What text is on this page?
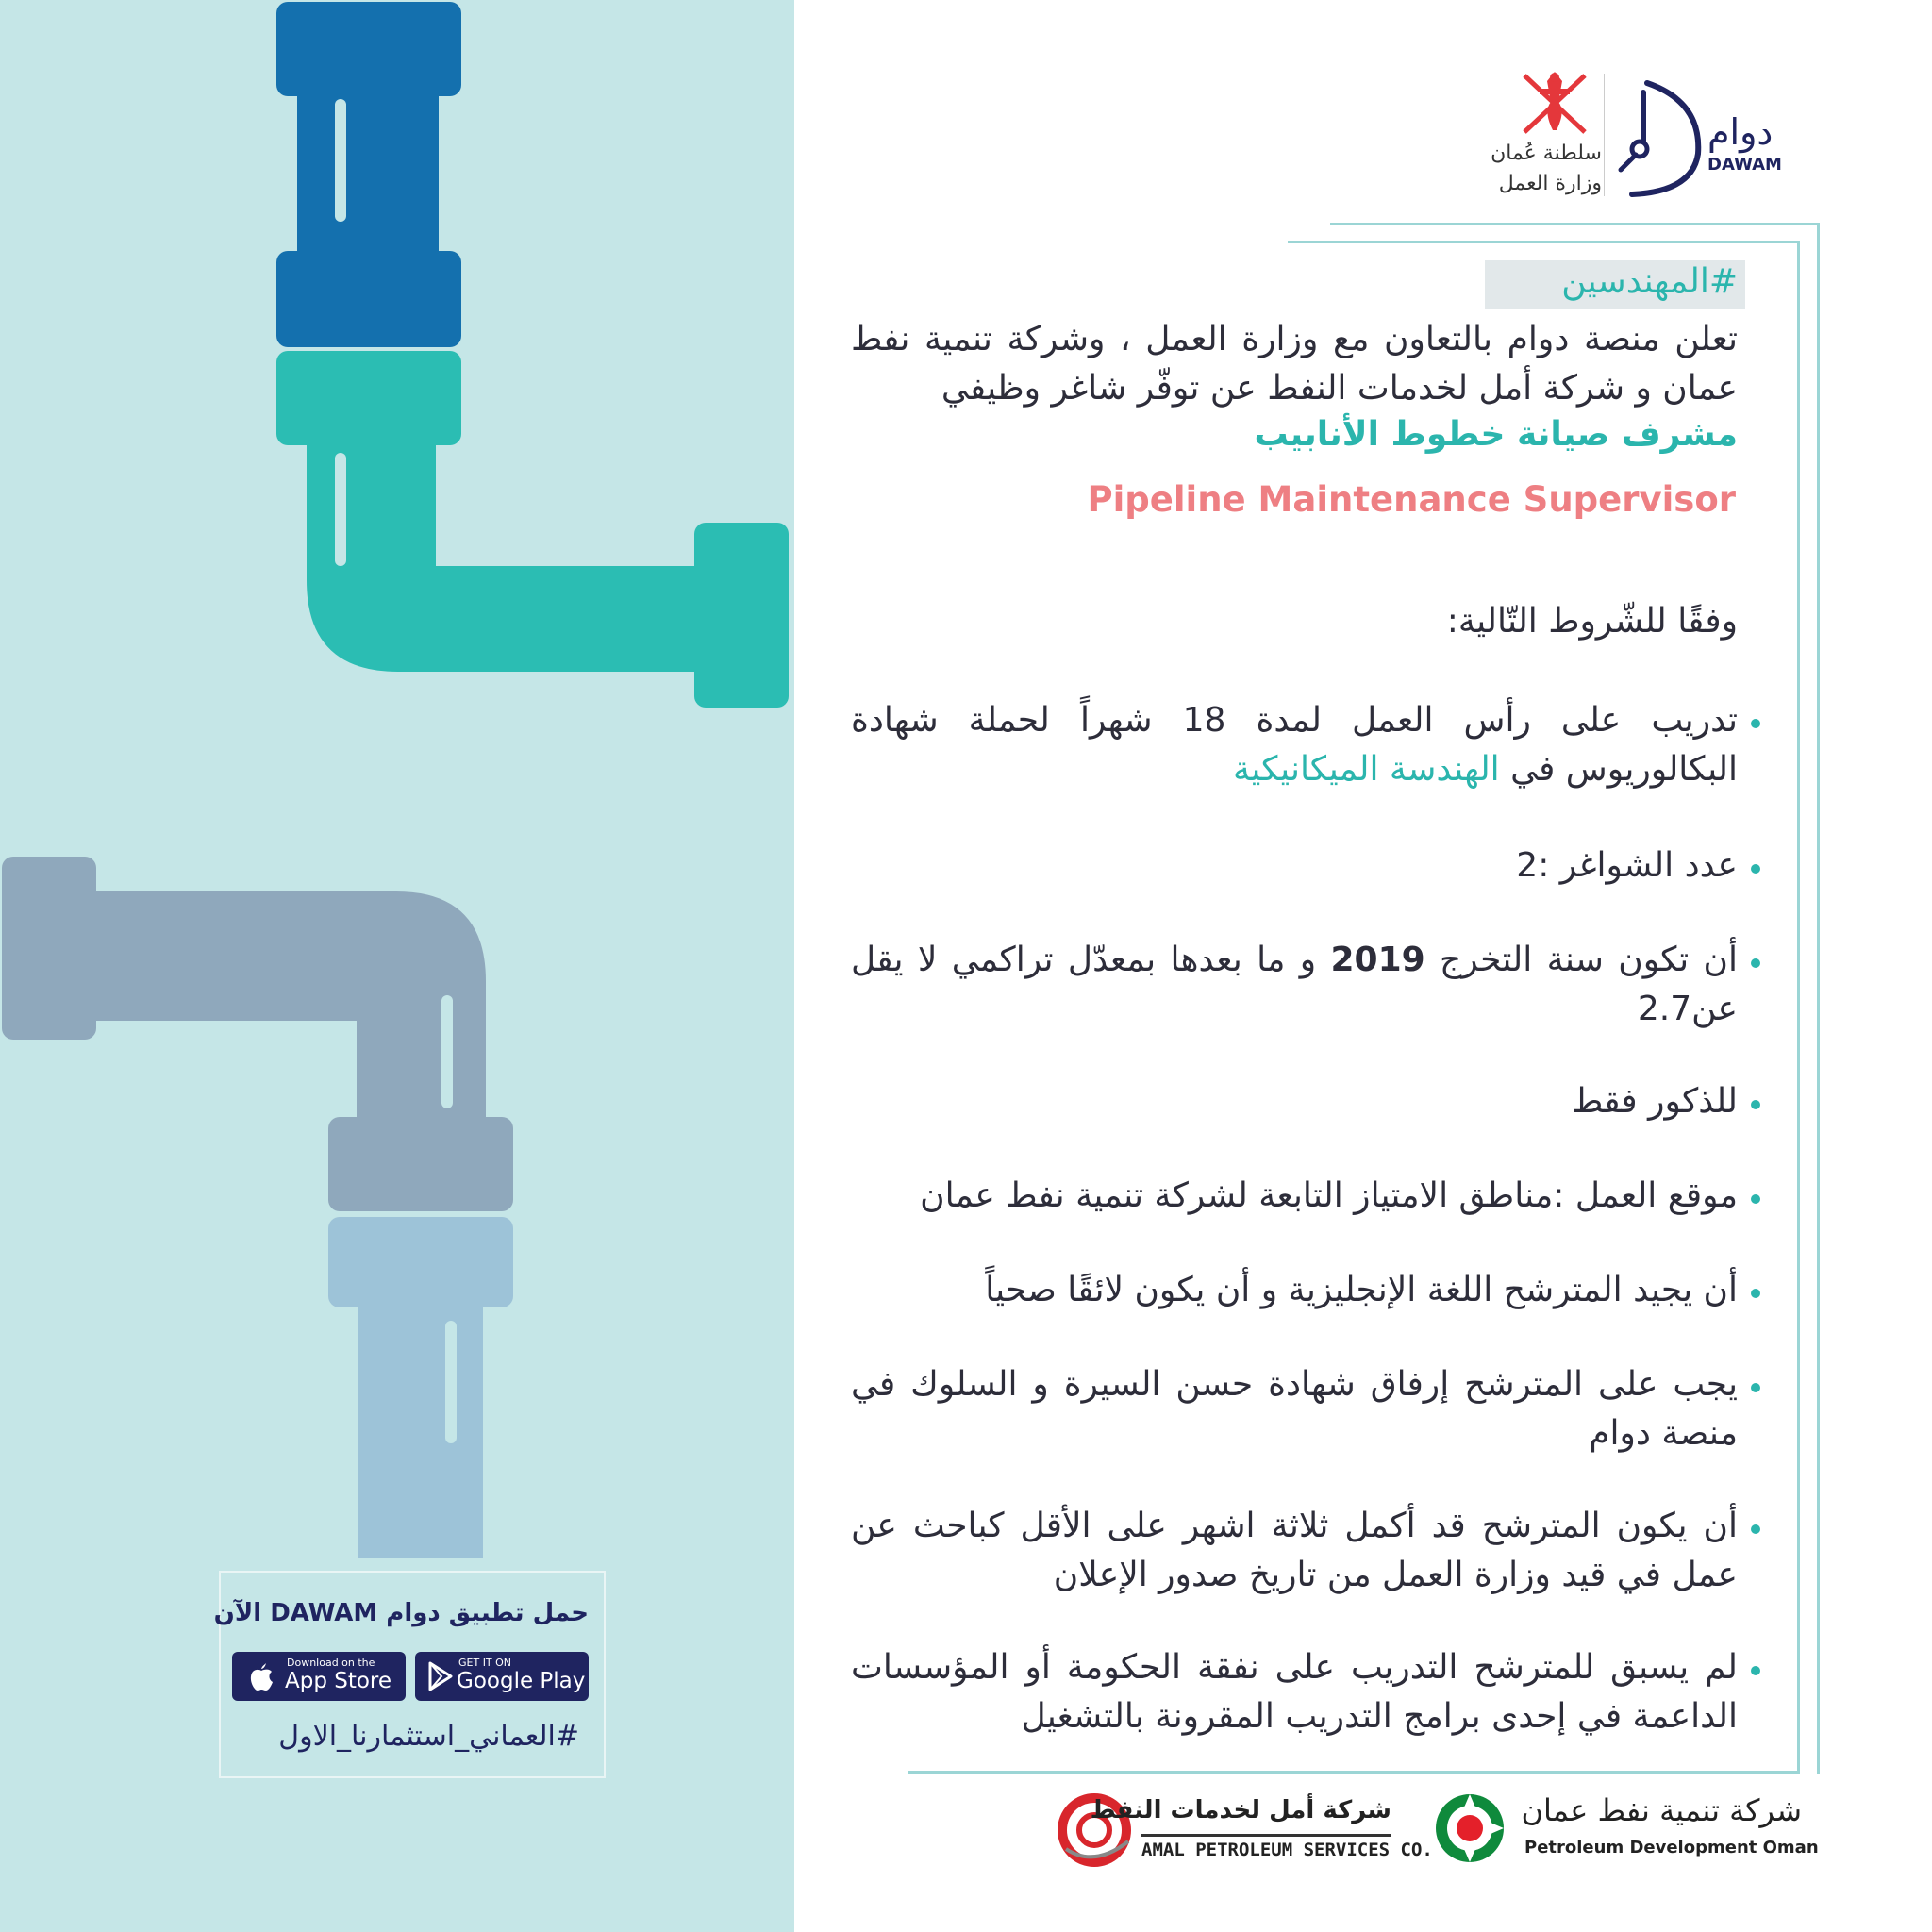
حمل تطبيق دوام DAWAM الآن
Download on the
App Store
GET IT ON
Google Play
#العماني_استثمارنا_الاول
سلطنة عُمان
وزارة العمل
دوام
DAWAM
#المهندسين
تعلن منصة دوام بالتعاون مع وزارة العمل ، وشركة تنمية نفط عمان و شركة أمل لخدمات النفط عن توفّر شاغر وظيفي
مشرف صيانة خطوط الأنابيب
Pipeline Maintenance Supervisor
وفقًا للشّروط التّالية:
تدريب على رأس العمل لمدة 18 شهراً لحملة شهادة البكالوريوس في الهندسة الميكانيكية
عدد الشواغر :2
أن تكون سنة التخرج 2019 و ما بعدها بمعدّل تراكمي لا يقل عن2.7
للذكور فقط
موقع العمل :مناطق الامتياز التابعة لشركة تنمية نفط عمان
أن يجيد المترشح اللغة الإنجليزية و أن يكون لائقًا صحياً
يجب على المترشح إرفاق شهادة حسن السيرة و السلوك في منصة دوام
أن يكون المترشح قد أكمل ثلاثة اشهر على الأقل كباحث عن عمل في قيد وزارة العمل من تاريخ صدور الإعلان
لم يسبق للمترشح التدريب على نفقة الحكومة أو المؤسسات الداعمة في إحدى برامج التدريب المقرونة بالتشغيل
شركة أمل لخدمات النفط
AMAL PETROLEUM SERVICES CO.
شركة تنمية نفط عمان
Petroleum Development Oman
